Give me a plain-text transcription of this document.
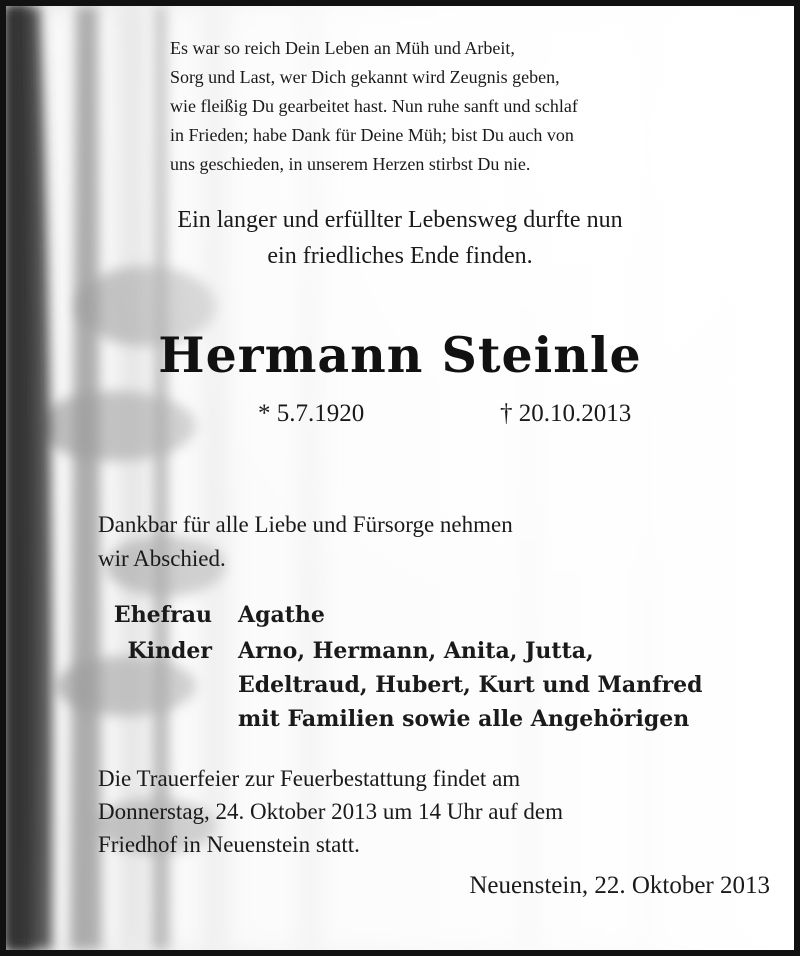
Es war so reich Dein Leben an Müh und Arbeit,
Sorg und Last, wer Dich gekannt wird Zeugnis geben,
wie fleißig Du gearbeitet hast. Nun ruhe sanft und schlaf
in Frieden; habe Dank für Deine Müh; bist Du auch von
uns geschieden, in unserem Herzen stirbst Du nie.
Ein langer und erfüllter Lebensweg durfte nun
ein friedliches Ende finden.
Hermann Steinle
* 5.7.1920	† 20.10.2013
Dankbar für alle Liebe und Fürsorge nehmen
wir Abschied.
Ehefrau Agathe
Kinder Arno, Hermann, Anita, Jutta,
Edeltraud, Hubert, Kurt und Manfred
mit Familien sowie alle Angehörigen
Die Trauerfeier zur Feuerbestattung findet am
Donnerstag, 24. Oktober 2013 um 14 Uhr auf dem
Friedhof in Neuenstein statt.
Neuenstein, 22. Oktober 2013
